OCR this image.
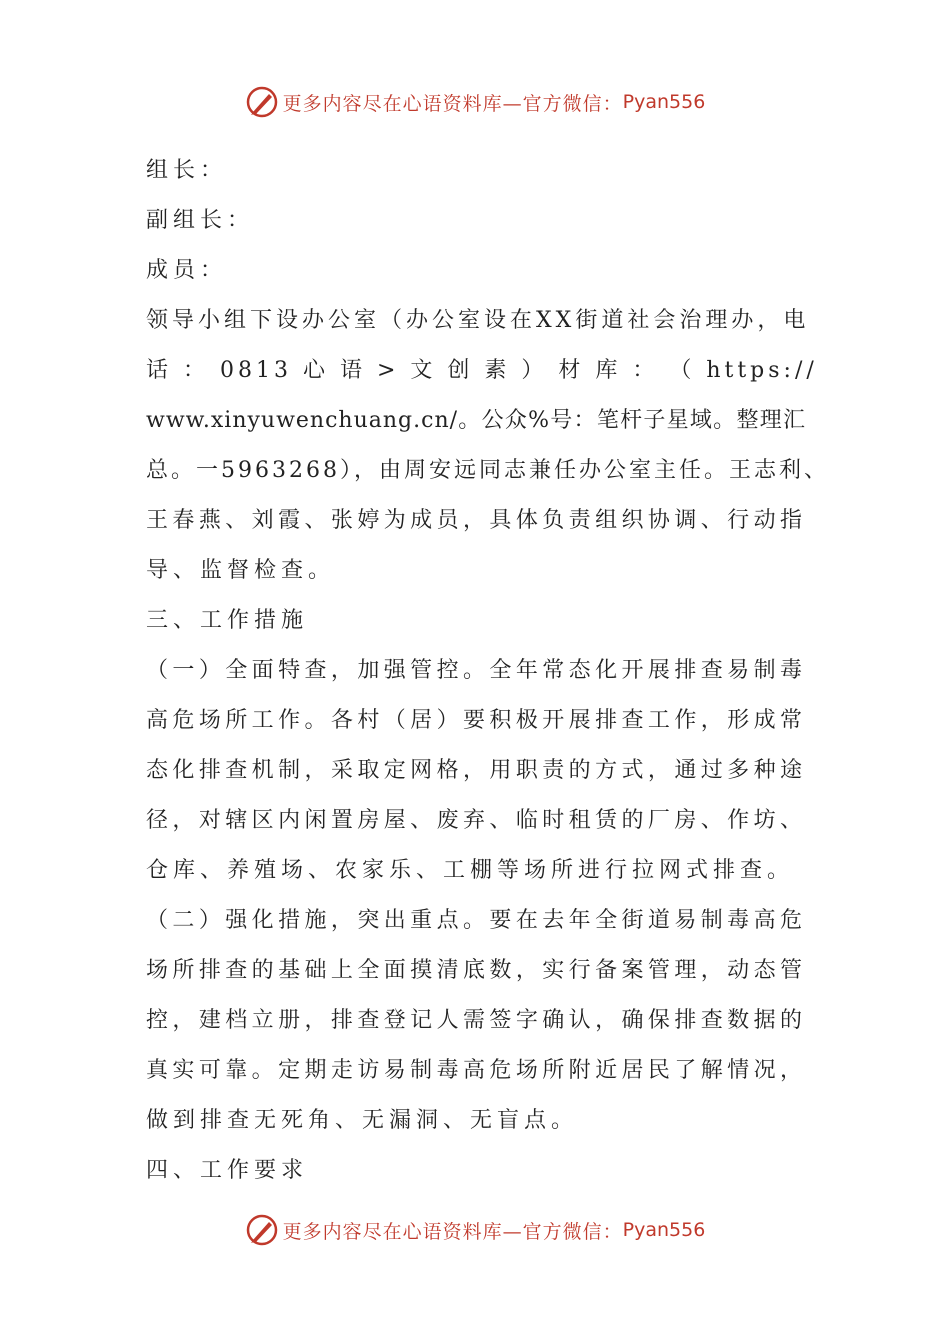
更多内容尽在心语资料库—官方微信： Pyan556
组长：
副组长：
成员：
领导小组下设办公室（办公室设在XX街道社会治理办，电
话 ： 0813 心 语 > 文 创 素 ） 材 库 ： （ https://
www.xinyuwenchuang.cn/。公众%号：笔杆子星域。整理汇
总。一5963268），由周安远同志兼任办公室主任。王志利、
王春燕、刘霞、张婷为成员，具体负责组织协调、行动指
导、监督检查。
三、工作措施
（一）全面特查，加强管控。全年常态化开展排查易制毒
高危场所工作。各村（居）要积极开展排查工作，形成常
态化排查机制，采取定网格，用职责的方式，通过多种途
径，对辖区内闲置房屋、废弃、临时租赁的厂房、作坊、
仓库、养殖场、农家乐、工棚等场所进行拉网式排查。
（二）强化措施，突出重点。要在去年全街道易制毒高危
场所排查的基础上全面摸清底数，实行备案管理，动态管
控，建档立册，排查登记人需签字确认，确保排查数据的
真实可靠。定期走访易制毒高危场所附近居民了解情况，
做到排查无死角、无漏洞、无盲点。
四、工作要求
更多内容尽在心语资料库—官方微信： Pyan556
